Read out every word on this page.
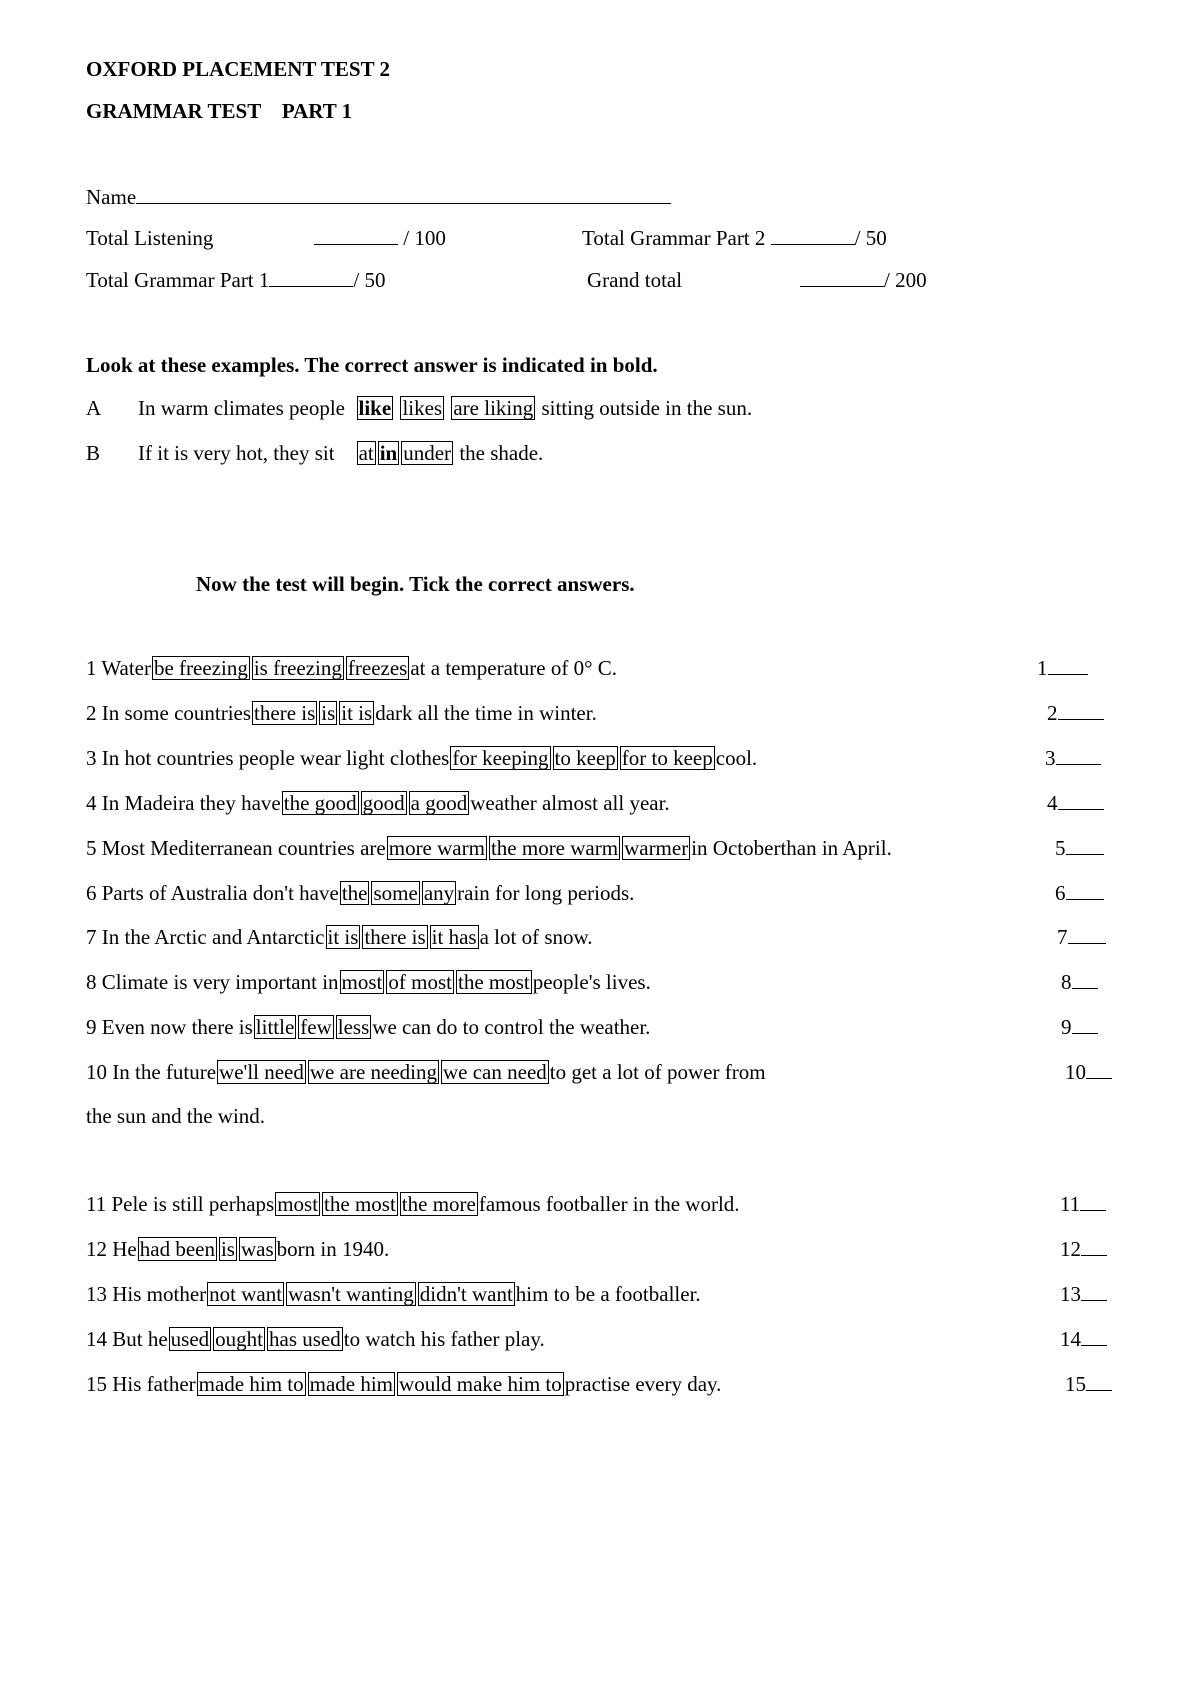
OXFORD PLACEMENT TEST 2
GRAMMAR TEST    PART 1
Name
Total Listening	/ 100	Total Grammar Part 2	/ 50
Total Grammar Part 1	/ 50	Grand total	/ 200
Look at these examples. The correct answer is indicated in bold.
A In warm climates people like likes are liking sitting outside in the sun.
B If it is very hot, they sit at in under the shade.
Now the test will begin. Tick the correct answers.
1 Water be freezing is freezing freezes at a temperature of 0° C.	1
2 In some countries there is is it is dark all the time in winter.	2
3 In hot countries people wear light clothes for keeping to keep for to keep cool.	3
4 In Madeira they have the good good a good weather almost all year.	4
5 Most Mediterranean countries are more warm the more warm warmer in Octoberthan in April.	5
6 Parts of Australia don't have the some any rain for long periods.	6
7 In the Arctic and Antarctic it is there is it has a lot of snow.	7
8 Climate is very important in most of most the most people's lives.	8
9 Even now there is little few less we can do to control the weather.	9
10 In the future we'll need we are needing we can need to get a lot of power from	10
the sun and the wind.
11 Pele is still perhaps most the most the more famous footballer in the world.	11
12 He had been is was born in 1940.	12
13 His mother not want wasn't wanting didn't want him to be a footballer.	13
14 But he used ought has used to watch his father play.	14
15 His father made him to made him would make him to practise every day.	15
